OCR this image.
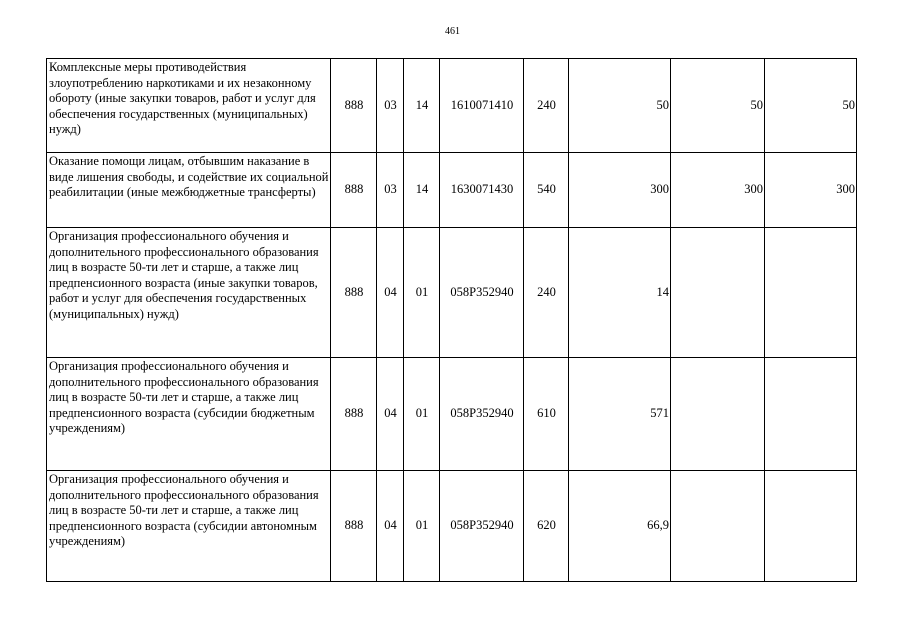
461
Комплексные меры противодействия злоупотреблению наркотиками и их незаконному обороту (иные закупки товаров, работ и услуг для обеспечения государственных (муниципальных) нужд)	888	03	14	1610071410	240	50	50	50
Оказание помощи лицам, отбывшим наказание в виде лишения свободы, и содействие их социальной реабилитации (иные межбюджетные трансферты)	888	03	14	1630071430	540	300	300	300
Организация профессионального обучения и дополнительного профессионального образования лиц в возрасте 50-ти лет и старше, а также лиц предпенсионного возраста (иные закупки товаров, работ и услуг для обеспечения государственных (муниципальных) нужд)	888	04	01	058P352940	240	14		
Организация профессионального обучения и дополнительного профессионального образования лиц в возрасте 50-ти лет и старше, а также лиц предпенсионного возраста (субсидии бюджетным учреждениям)	888	04	01	058P352940	610	571		
Организация профессионального обучения и дополнительного профессионального образования лиц в возрасте 50-ти лет и старше, а также лиц предпенсионного возраста (субсидии автономным учреждениям)	888	04	01	058P352940	620	66,9		
